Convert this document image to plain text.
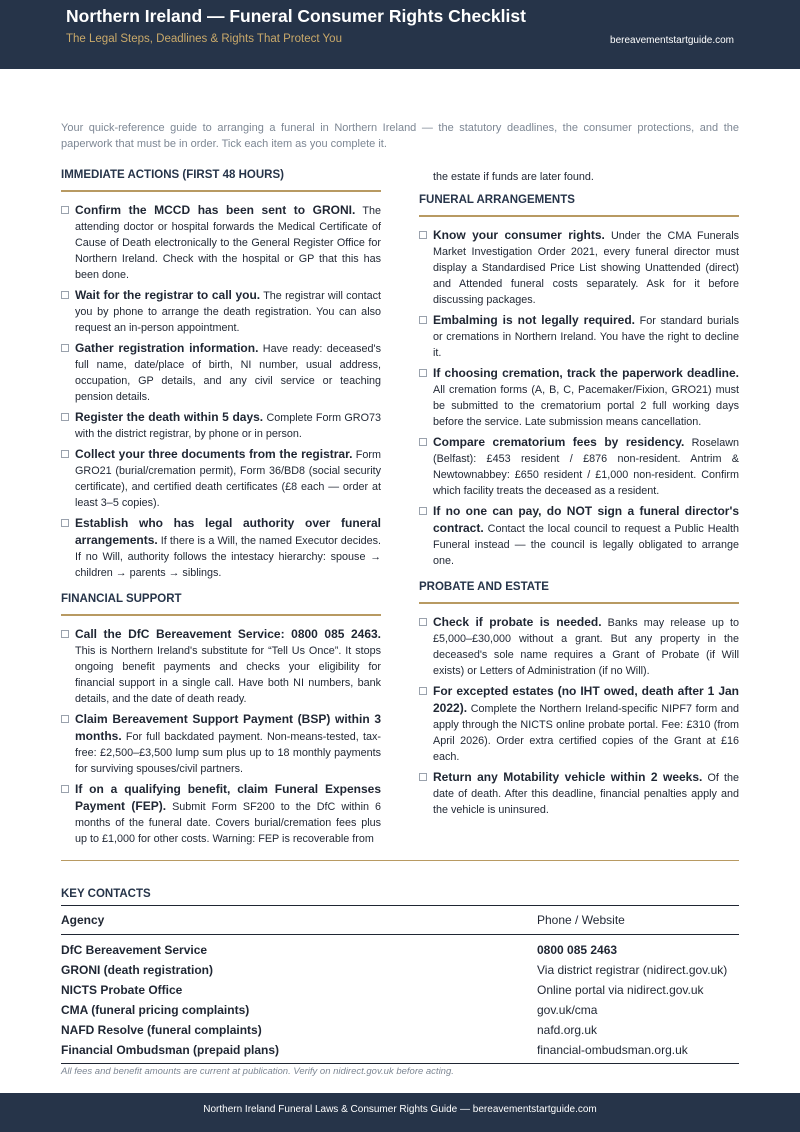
Northern Ireland — Funeral Consumer Rights Checklist
The Legal Steps, Deadlines & Rights That Protect You	bereavementstartguide.com
Your quick-reference guide to arranging a funeral in Northern Ireland — the statutory deadlines, the consumer protections, and the paperwork that must be in order. Tick each item as you complete it.
IMMEDIATE ACTIONS (FIRST 48 HOURS)
Confirm the MCCD has been sent to GRONI. The attending doctor or hospital forwards the Medical Certificate of Cause of Death electronically to the General Register Office for Northern Ireland. Check with the hospital or GP that this has been done.
Wait for the registrar to call you. The registrar will contact you by phone to arrange the death registration. You can also request an in-person appointment.
Gather registration information. Have ready: deceased's full name, date/place of birth, NI number, usual address, occupation, GP details, and any civil service or teaching pension details.
Register the death within 5 days. Complete Form GRO73 with the district registrar, by phone or in person.
Collect your three documents from the registrar. Form GRO21 (burial/cremation permit), Form 36/BD8 (social security certificate), and certified death certificates (£8 each — order at least 3–5 copies).
Establish who has legal authority over funeral arrangements. If there is a Will, the named Executor decides. If no Will, authority follows the intestacy hierarchy: spouse → children → parents → siblings.
FINANCIAL SUPPORT
Call the DfC Bereavement Service: 0800 085 2463. This is Northern Ireland's substitute for “Tell Us Once”. It stops ongoing benefit payments and checks your eligibility for financial support in a single call. Have both NI numbers, bank details, and the date of death ready.
Claim Bereavement Support Payment (BSP) within 3 months. For full backdated payment. Non-means-tested, tax-free: £2,500–£3,500 lump sum plus up to 18 monthly payments for surviving spouses/civil partners.
If on a qualifying benefit, claim Funeral Expenses Payment (FEP). Submit Form SF200 to the DfC within 6 months of the funeral date. Covers burial/cremation fees plus up to £1,000 for other costs. Warning: FEP is recoverable from
the estate if funds are later found.
FUNERAL ARRANGEMENTS
Know your consumer rights. Under the CMA Funerals Market Investigation Order 2021, every funeral director must display a Standardised Price List showing Unattended (direct) and Attended funeral costs separately. Ask for it before discussing packages.
Embalming is not legally required. For standard burials or cremations in Northern Ireland. You have the right to decline it.
If choosing cremation, track the paperwork deadline. All cremation forms (A, B, C, Pacemaker/Fixion, GRO21) must be submitted to the crematorium portal 2 full working days before the service. Late submission means cancellation.
Compare crematorium fees by residency. Roselawn (Belfast): £453 resident / £876 non-resident. Antrim & Newtownabbey: £650 resident / £1,000 non-resident. Confirm which facility treats the deceased as a resident.
If no one can pay, do NOT sign a funeral director's contract. Contact the local council to request a Public Health Funeral instead — the council is legally obligated to arrange one.
PROBATE AND ESTATE
Check if probate is needed. Banks may release up to £5,000–£30,000 without a grant. But any property in the deceased's sole name requires a Grant of Probate (if Will exists) or Letters of Administration (if no Will).
For excepted estates (no IHT owed, death after 1 Jan 2022). Complete the Northern Ireland-specific NIPF7 form and apply through the NICTS online probate portal. Fee: £310 (from April 2026). Order extra certified copies of the Grant at £16 each.
Return any Motability vehicle within 2 weeks. Of the date of death. After this deadline, financial penalties apply and the vehicle is uninsured.
KEY CONTACTS
Agency	Phone / Website
DfC Bereavement Service	0800 085 2463
GRONI (death registration)	Via district registrar (nidirect.gov.uk)
NICTS Probate Office	Online portal via nidirect.gov.uk
CMA (funeral pricing complaints)	gov.uk/cma
NAFD Resolve (funeral complaints)	nafd.org.uk
Financial Ombudsman (prepaid plans)	financial-ombudsman.org.uk
All fees and benefit amounts are current at publication. Verify on nidirect.gov.uk before acting.
Northern Ireland Funeral Laws & Consumer Rights Guide — bereavementstartguide.com
